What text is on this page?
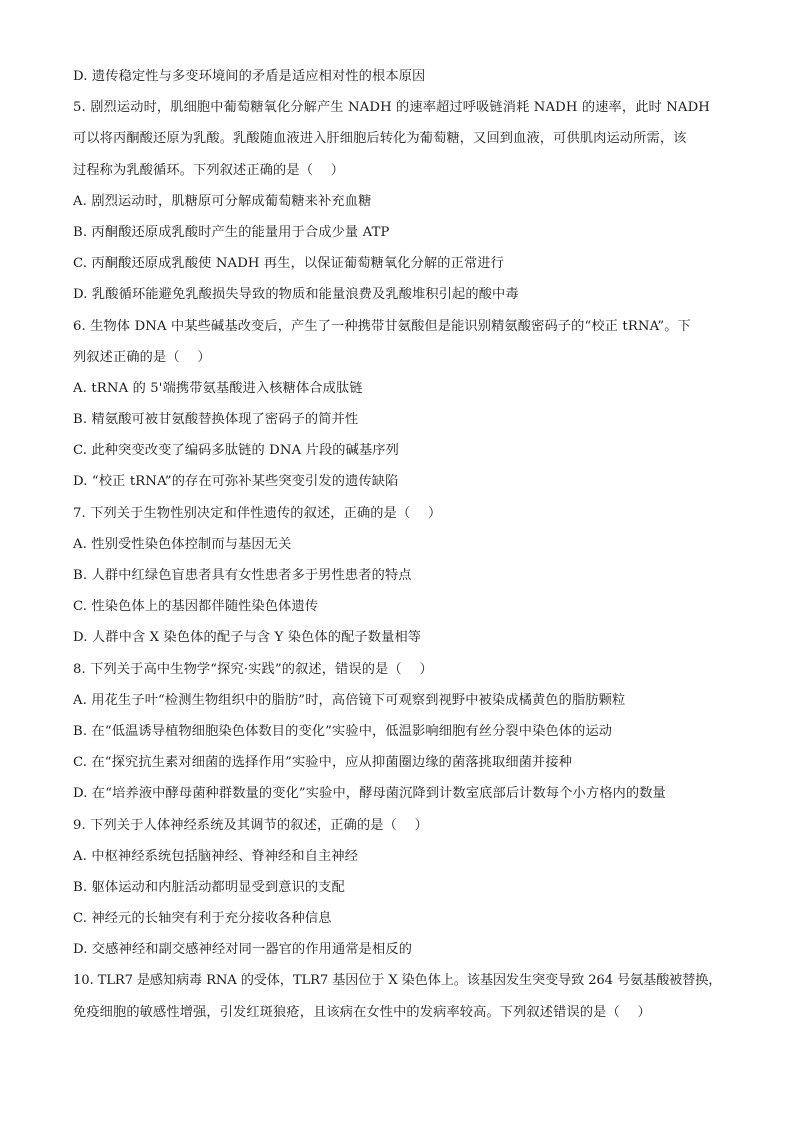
D. 遗传稳定性与多变环境间的矛盾是适应相对性的根本原因
5. 剧烈运动时，肌细胞中葡萄糖氧化分解产生 NADH 的速率超过呼吸链消耗 NADH 的速率，此时 NADH
可以将丙酮酸还原为乳酸。乳酸随血液进入肝细胞后转化为葡萄糖，又回到血液，可供肌肉运动所需，该
过程称为乳酸循环。下列叙述正确的是（　 ）
A. 剧烈运动时，肌糖原可分解成葡萄糖来补充血糖
B. 丙酮酸还原成乳酸时产生的能量用于合成少量 ATP
C. 丙酮酸还原成乳酸使 NADH 再生，以保证葡萄糖氧化分解的正常进行
D. 乳酸循环能避免乳酸损失导致的物质和能量浪费及乳酸堆积引起的酸中毒
6. 生物体 DNA 中某些碱基改变后，产生了一种携带甘氨酸但是能识别精氨酸密码子的“校正 tRNA”。下
列叙述正确的是（　 ）
A. tRNA 的 5'端携带氨基酸进入核糖体合成肽链
B. 精氨酸可被甘氨酸替换体现了密码子的简并性
C. 此种突变改变了编码多肽链的 DNA 片段的碱基序列
D. “校正 tRNA”的存在可弥补某些突变引发的遗传缺陷
7. 下列关于生物性别决定和伴性遗传的叙述，正确的是（　 ）
A. 性别受性染色体控制而与基因无关
B. 人群中红绿色盲患者具有女性患者多于男性患者的特点
C. 性染色体上的基因都伴随性染色体遗传
D. 人群中含 X 染色体的配子与含 Y 染色体的配子数量相等
8. 下列关于高中生物学“探究·实践”的叙述，错误的是（　 ）
A. 用花生子叶“检测生物组织中的脂肪”时，高倍镜下可观察到视野中被染成橘黄色的脂肪颗粒
B. 在“低温诱导植物细胞染色体数目的变化”实验中，低温影响细胞有丝分裂中染色体的运动
C. 在“探究抗生素对细菌的选择作用”实验中，应从抑菌圈边缘的菌落挑取细菌并接种
D. 在“培养液中酵母菌种群数量的变化”实验中，酵母菌沉降到计数室底部后计数每个小方格内的数量
9. 下列关于人体神经系统及其调节的叙述，正确的是（　 ）
A. 中枢神经系统包括脑神经、脊神经和自主神经
B. 躯体运动和内脏活动都明显受到意识的支配
C. 神经元的长轴突有利于充分接收各种信息
D. 交感神经和副交感神经对同一器官的作用通常是相反的
10. TLR7 是感知病毒 RNA 的受体，TLR7 基因位于 X 染色体上。该基因发生突变导致 264 号氨基酸被替换，
免疫细胞的敏感性增强，引发红斑狼疮，且该病在女性中的发病率较高。下列叙述错误的是（　 ）
